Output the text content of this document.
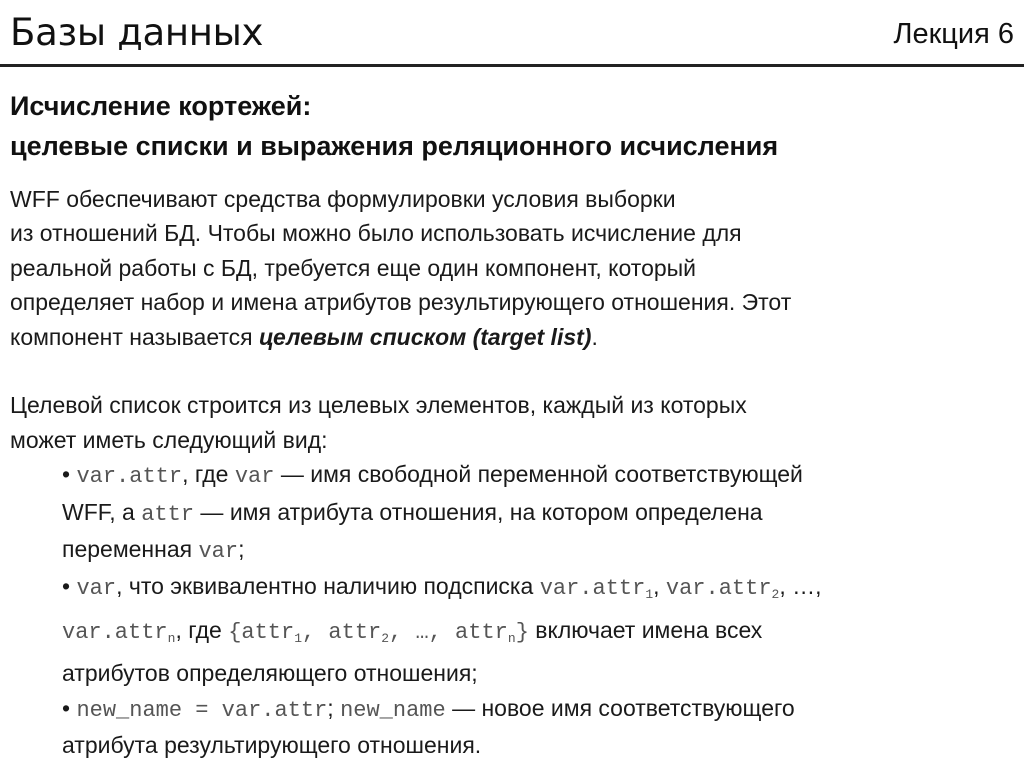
Базы данных	Лекция 6
Исчисление кортежей:
целевые списки и выражения реляционного исчисления
WFF обеспечивают средства формулировки условия выборки
из отношений БД. Чтобы можно было использовать исчисление для
реальной работы с БД, требуется еще один компонент, который
определяет набор и имена атрибутов результирующего отношения. Этот
компонент называется целевым списком (target list).
Целевой список строится из целевых элементов, каждый из которых
может иметь следующий вид:
• var.attr, где var — имя свободной переменной соответствующей
WFF, а attr — имя атрибута отношения, на котором определена
переменная var;
• var, что эквивалентно наличию подсписка var.attr$_1$, var.attr$_2$, …,
var.attr$_n$, где {attr$_1$, attr$_2$, …, attr$_n$} включает имена всех
атрибутов определяющего отношения;
• new_name = var.attr; new_name — новое имя соответствующего
атрибута результирующего отношения.
